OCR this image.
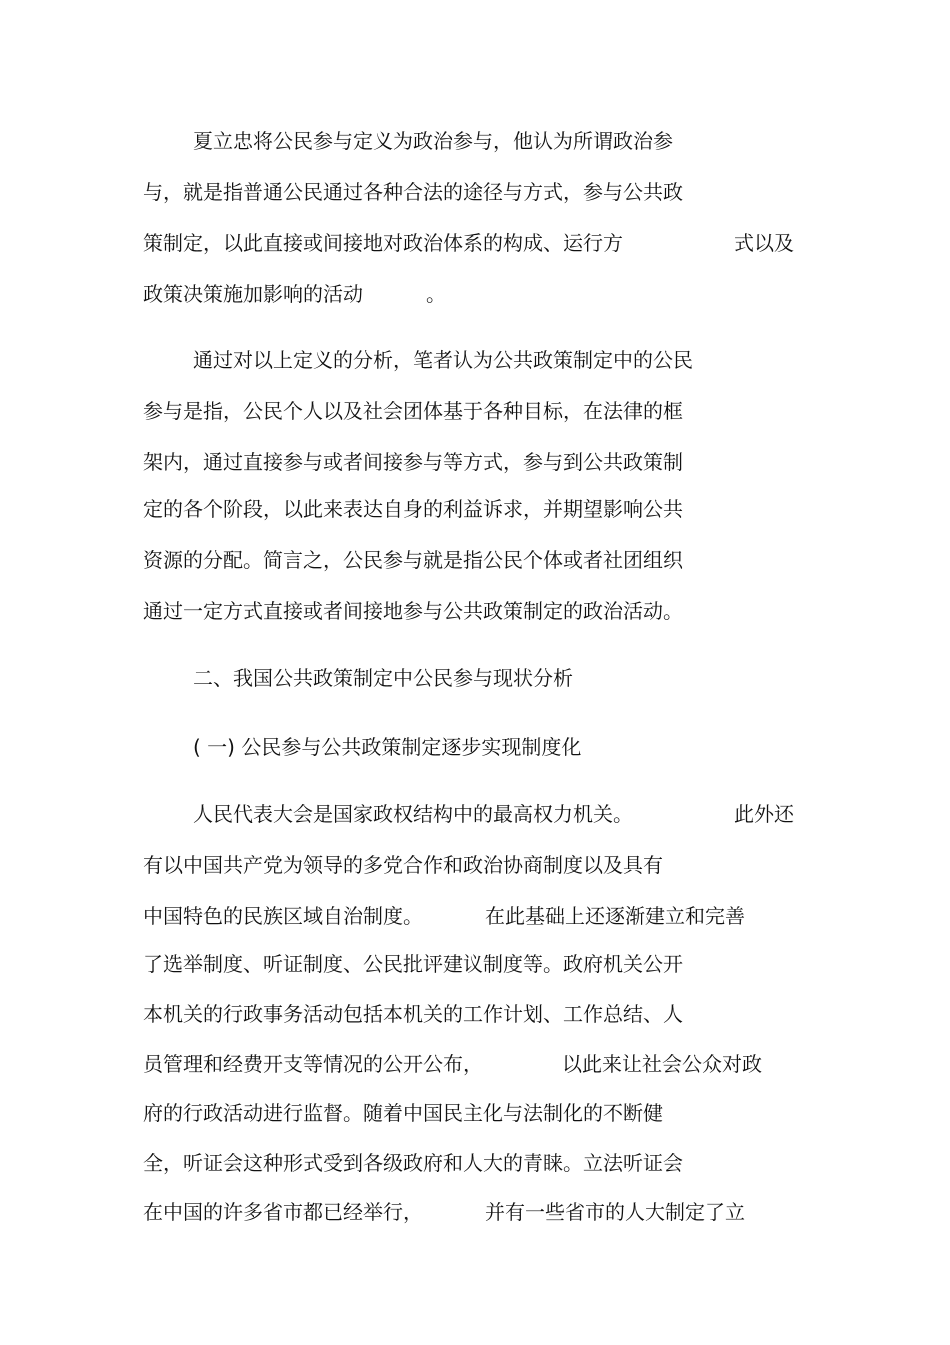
夏立忠将公民参与定义为政治参与，他认为所谓政治参
与，就是指普通公民通过各种合法的途径与方式，参与公共政
策制定，以此直接或间接地对政治体系的构成、运行方	式以及
政策决策施加影响的活动	。
通过对以上定义的分析，笔者认为公共政策制定中的公民
参与是指，公民个人以及社会团体基于各种目标，在法律的框
架内，通过直接参与或者间接参与等方式，参与到公共政策制
定的各个阶段，以此来表达自身的利益诉求，并期望影响公共
资源的分配。简言之，公民参与就是指公民个体或者社团组织
通过一定方式直接或者间接地参与公共政策制定的政治活动。
二、我国公共政策制定中公民参与现状分析
( 一) 公民参与公共政策制定逐步实现制度化
人民代表大会是国家政权结构中的最高权力机关。	此外还
有以中国共产党为领导的多党合作和政治协商制度以及具有
中国特色的民族区域自治制度。	在此基础上还逐渐建立和完善
了选举制度、听证制度、公民批评建议制度等。政府机关公开
本机关的行政事务活动包括本机关的工作计划、工作总结、人
员管理和经费开支等情况的公开公布，	以此来让社会公众对政
府的行政活动进行监督。随着中国民主化与法制化的不断健
全，听证会这种形式受到各级政府和人大的青睐。立法听证会
在中国的许多省市都已经举行，	并有一些省市的人大制定了立
